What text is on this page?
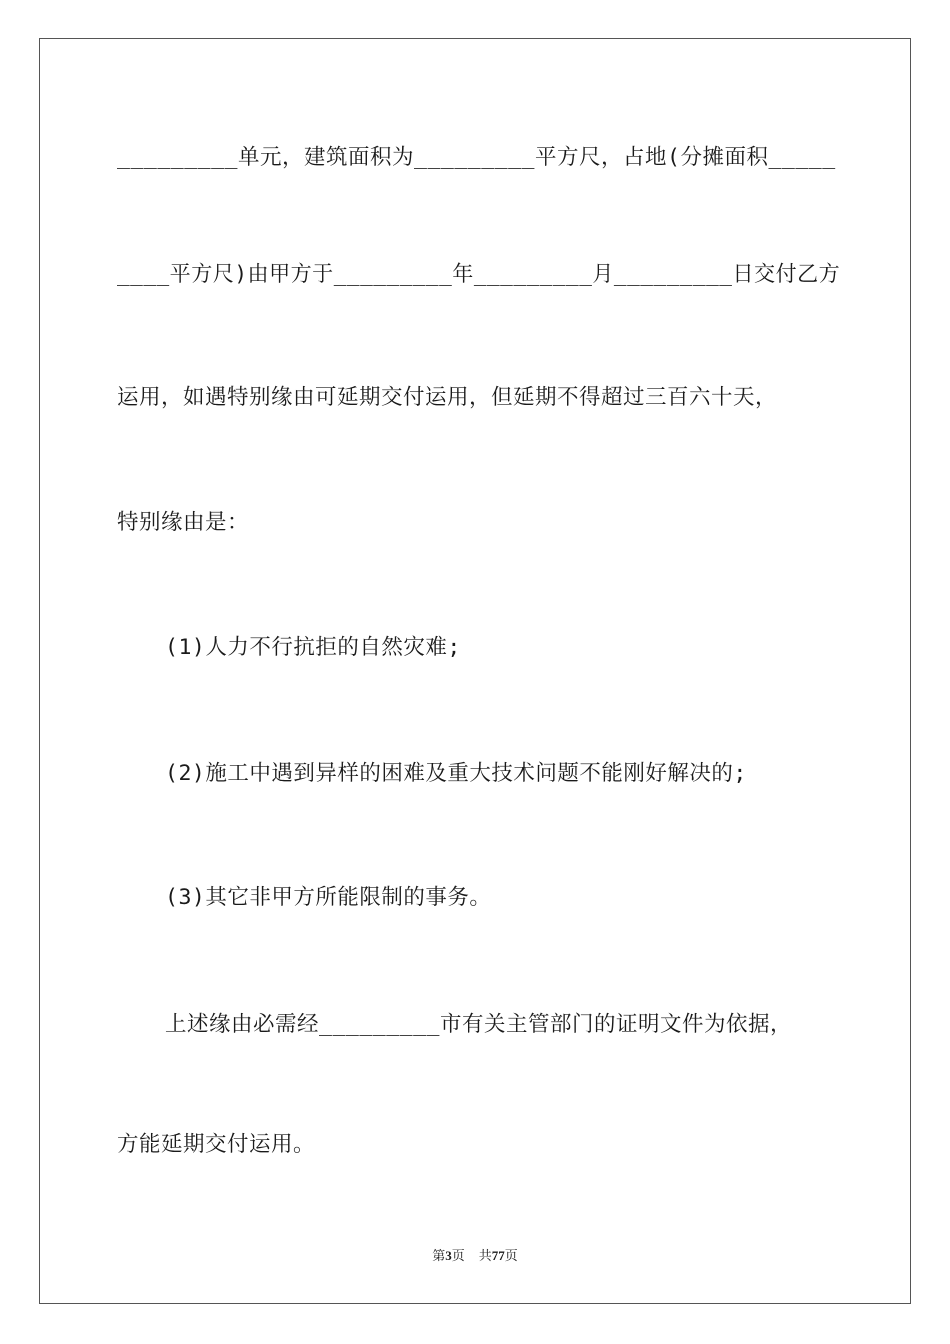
_________单元，建筑面积为_________平方尺，占地(分摊面积_____
____平方尺)由甲方于_________年_________月_________日交付乙方
运用，如遇特别缘由可延期交付运用，但延期不得超过三百六十天，
特别缘由是：
(1)人力不行抗拒的自然灾难;
(2)施工中遇到异样的困难及重大技术问题不能刚好解决的;
(3)其它非甲方所能限制的事务。
上述缘由必需经_________市有关主管部门的证明文件为依据，
方能延期交付运用。
第3页 共77页
